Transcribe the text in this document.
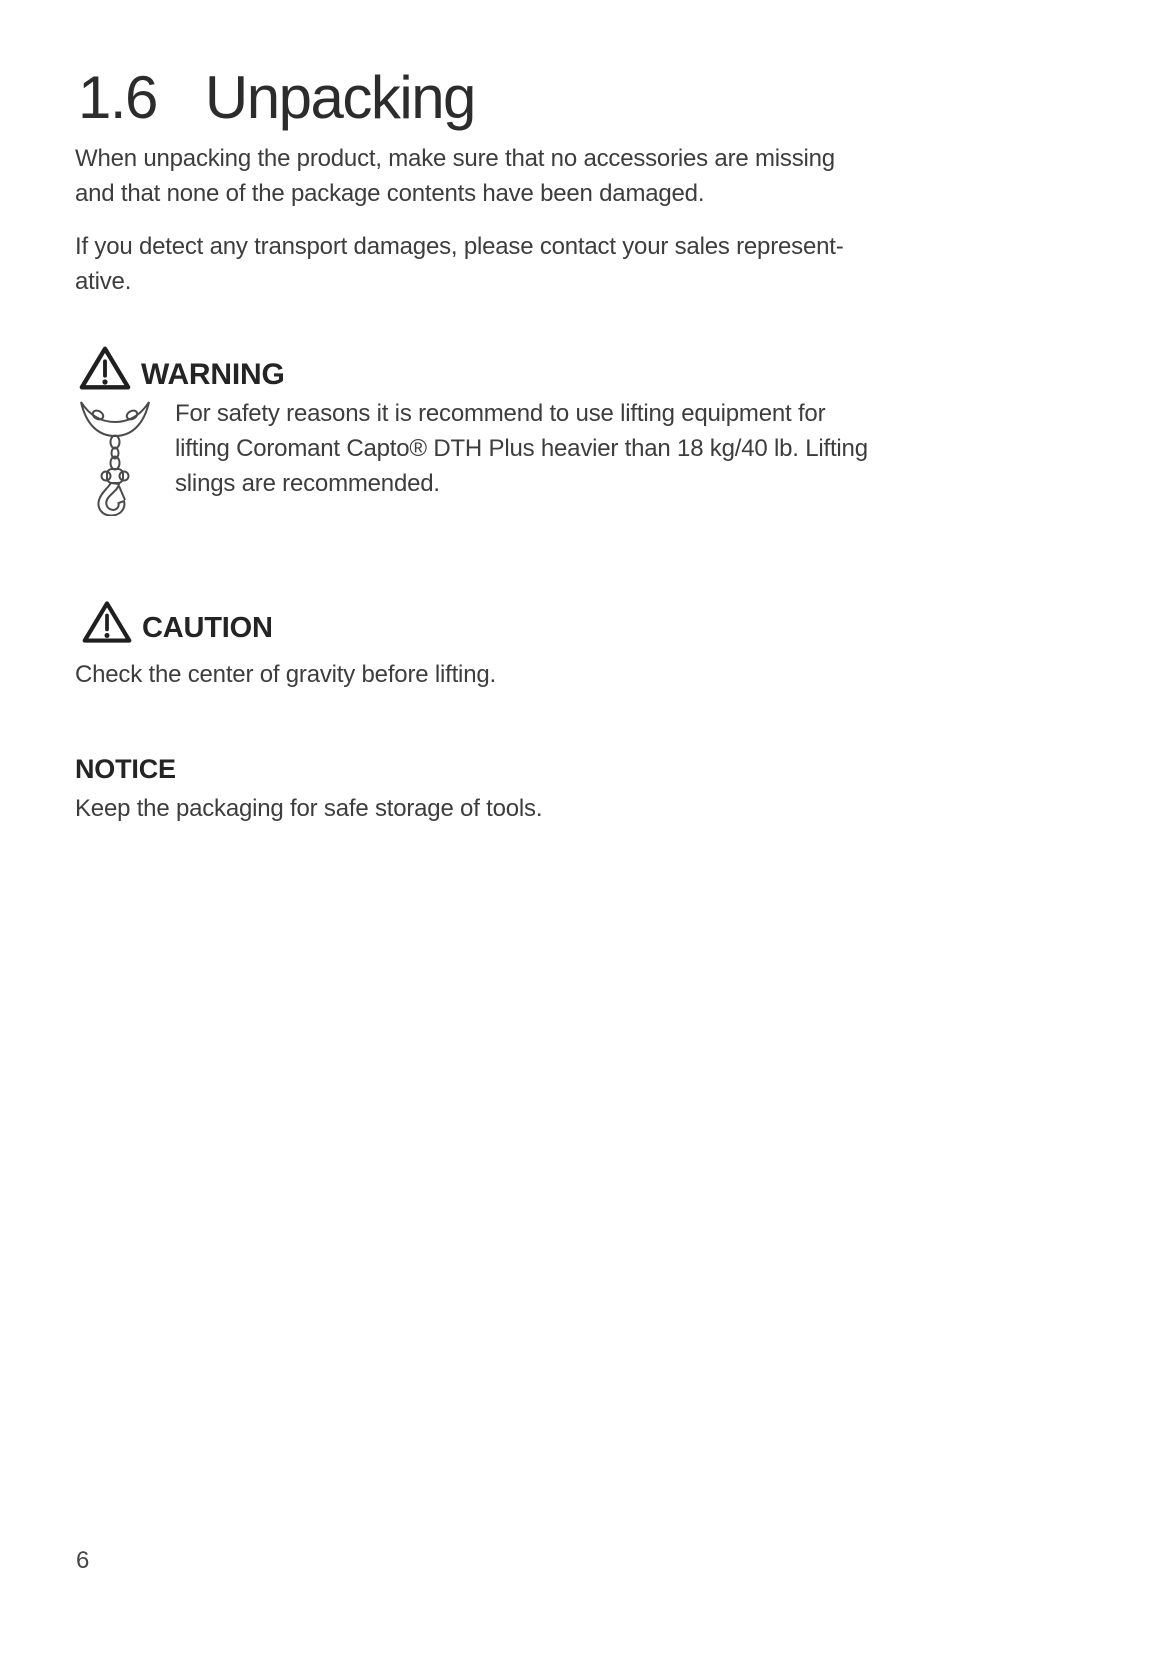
1.6 Unpacking
When unpacking the product, make sure that no accessories are missing
and that none of the package contents have been damaged.
If you detect any transport damages, please contact your sales represent-
ative.
WARNING
For safety reasons it is recommend to use lifting equipment for
lifting Coromant Capto® DTH Plus heavier than 18 kg/40 lb. Lifting
slings are recommended.
CAUTION
Check the center of gravity before lifting.
NOTICE
Keep the packaging for safe storage of tools.
6
